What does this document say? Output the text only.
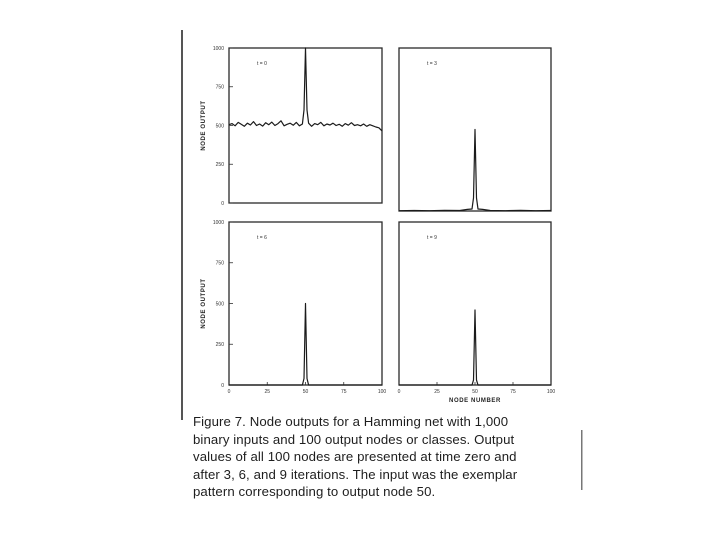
1000
750
500
250
0
t = 0
NODE OUTPUT
t = 3
1000
750
500
250
0
0	25	50	75	100
t = 6
NODE OUTPUT
0	25	50	75	100
t = 9
NODE NUMBER
Figure 7. Node outputs for a Hamming net with 1,000
binary inputs and 100 output nodes or classes. Output
values of all 100 nodes are presented at time zero and
after 3, 6, and 9 iterations. The input was the exemplar
pattern corresponding to output node 50.
